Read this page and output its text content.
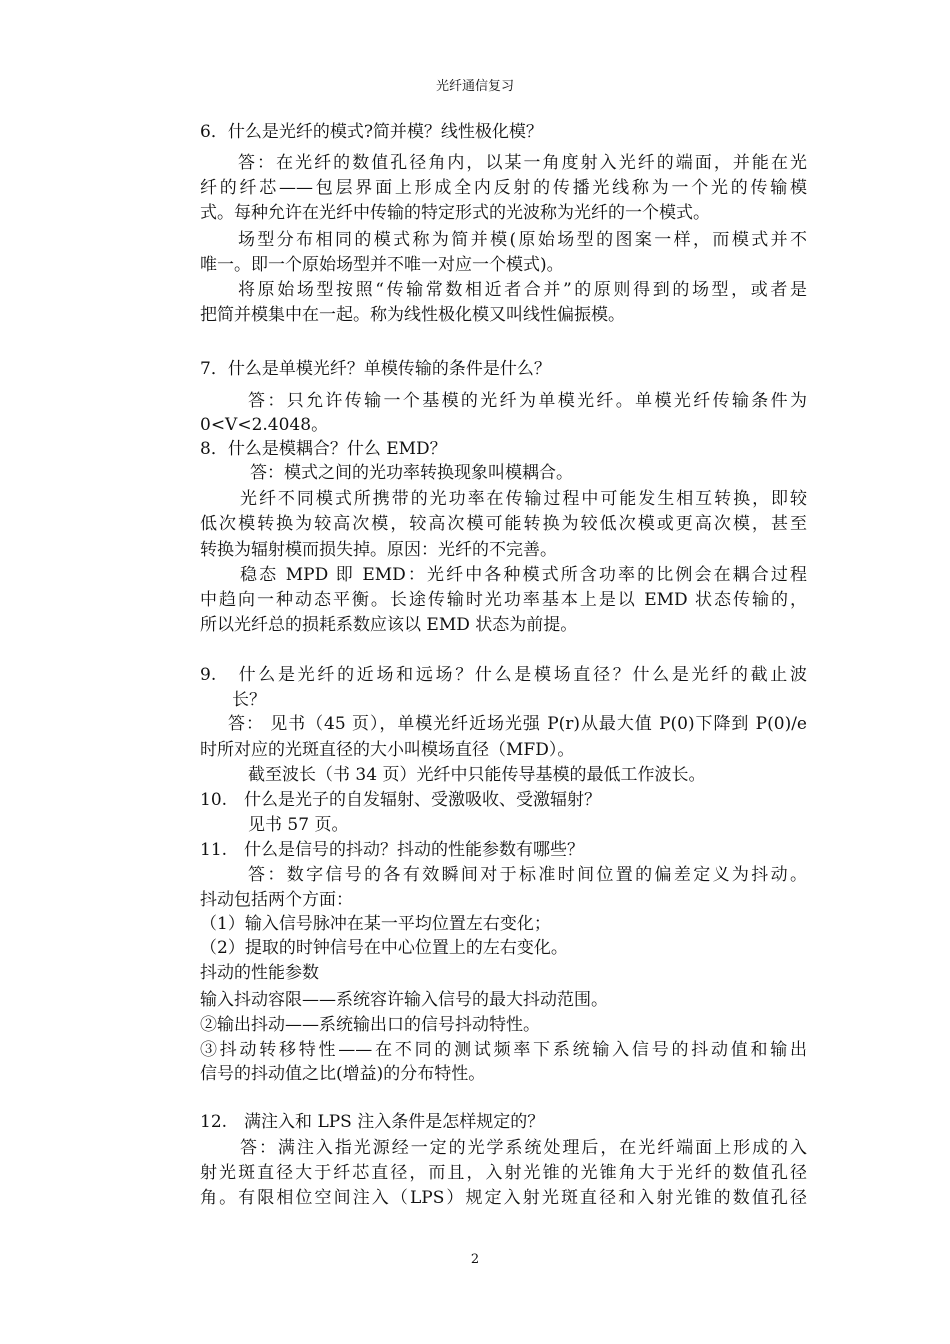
光纤通信复习
6．什么是光纤的模式?简并模？线性极化模？
答：在光纤的数值孔径角内，以某一角度射入光纤的端面，并能在光
纤的纤芯——包层界面上形成全内反射的传播光线称为一个光的传输模
式。每种允许在光纤中传输的特定形式的光波称为光纤的一个模式。
场型分布相同的模式称为简并模(原始场型的图案一样，而模式并不
唯一。即一个原始场型并不唯一对应一个模式)。
将原始场型按照“传输常数相近者合并”的原则得到的场型，或者是
把简并模集中在一起。称为线性极化模又叫线性偏振模。
7．什么是单模光纤？单模传输的条件是什么？
答：只允许传输一个基模的光纤为单模光纤。单模光纤传输条件为
0<V<2.4048。
8．什么是模耦合？什么 EMD？
答：模式之间的光功率转换现象叫模耦合。
光纤不同模式所携带的光功率在传输过程中可能发生相互转换，即较
低次模转换为较高次模，较高次模可能转换为较低次模或更高次模，甚至
转换为辐射模而损失掉。原因：光纤的不完善。
稳态 MPD 即 EMD：光纤中各种模式所含功率的比例会在耦合过程
中趋向一种动态平衡。长途传输时光功率基本上是以 EMD 状态传输的，
所以光纤总的损耗系数应该以 EMD 状态为前提。
9.　什么是光纤的近场和远场？什么是模场直径？什么是光纤的截止波
长？
答： 见书（45 页），单模光纤近场光强 P(r)从最大值 P(0)下降到 P(0)/e
时所对应的光斑直径的大小叫模场直径（MFD）。
截至波长（书 34 页）光纤中只能传导基模的最低工作波长。
10.　什么是光子的自发辐射、受激吸收、受激辐射？
见书 57 页。
11.　什么是信号的抖动？抖动的性能参数有哪些？
答：数字信号的各有效瞬间对于标准时间位置的偏差定义为抖动。
抖动包括两个方面：
（1）输入信号脉冲在某一平均位置左右变化；
（2）提取的时钟信号在中心位置上的左右变化。
抖动的性能参数
输入抖动容限——系统容许输入信号的最大抖动范围。
②输出抖动——系统输出口的信号抖动特性。
③抖动转移特性——在不同的测试频率下系统输入信号的抖动值和输出
信号的抖动值之比(增益)的分布特性。
12.　满注入和 LPS 注入条件是怎样规定的？
答：满注入指光源经一定的光学系统处理后，在光纤端面上形成的入
射光斑直径大于纤芯直径，而且，入射光锥的光锥角大于光纤的数值孔径
角。有限相位空间注入（LPS）规定入射光斑直径和入射光锥的数值孔径
2
